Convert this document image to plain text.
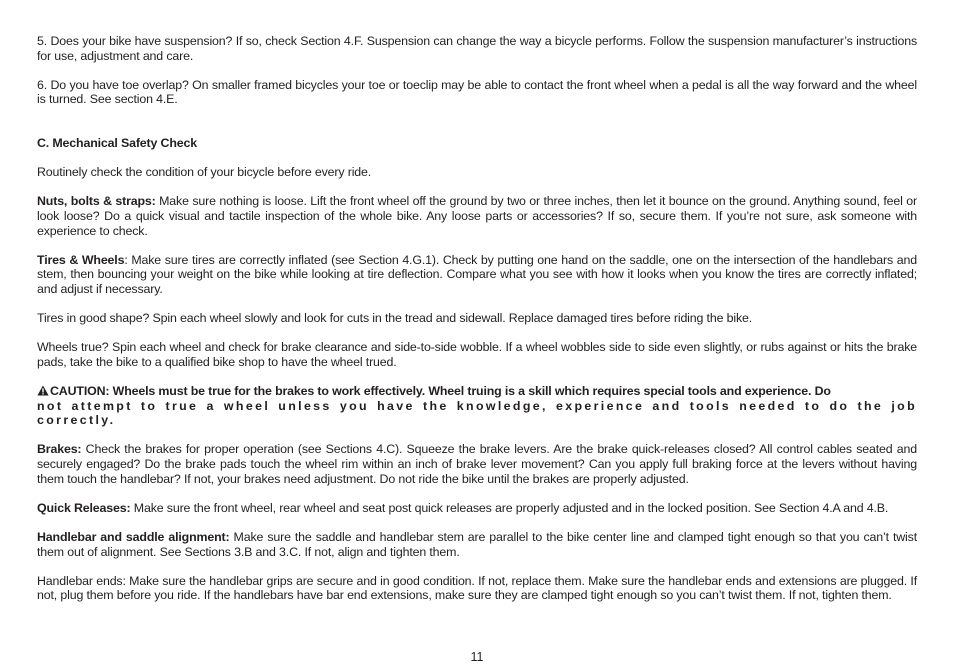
5. Does your bike have suspension? If so, check Section 4.F. Suspension can change the way a bicycle performs. Follow the suspension manufacturer’s instructions for use, adjustment and care.

6. Do you have toe overlap? On smaller framed bicycles your toe or toeclip may be able to contact the front wheel when a pedal is all the way forward and the wheel is turned. See section 4.E.

C. Mechanical Safety Check

Routinely check the condition of your bicycle before every ride.

Nuts, bolts & straps: Make sure nothing is loose. Lift the front wheel off the ground by two or three inches, then let it bounce on the ground. Anything sound, feel or look loose? Do a quick visual and tactile inspection of the whole bike. Any loose parts or accessories? If so, secure them. If you’re not sure, ask someone with experience to check.

Tires & Wheels: Make sure tires are correctly inflated (see Section 4.G.1). Check by putting one hand on the saddle, one on the intersection of the handlebars and stem, then bouncing your weight on the bike while looking at tire deflection. Compare what you see with how it looks when you know the tires are correctly inflated; and adjust if necessary.

Tires in good shape? Spin each wheel slowly and look for cuts in the tread and sidewall. Replace damaged tires before riding the bike.

Wheels true? Spin each wheel and check for brake clearance and side-to-side wobble. If a wheel wobbles side to side even slightly, or rubs against or hits the brake pads, take the bike to a qualified bike shop to have the wheel trued.

CAUTION: Wheels must be true for the brakes to work effectively. Wheel truing is a skill which requires special tools and experience. Do
not attempt to true a wheel unless you have the knowledge, experience and tools needed to do the job correctly.

Brakes: Check the brakes for proper operation (see Sections 4.C). Squeeze the brake levers. Are the brake quick-releases closed? All control cables seated and securely engaged? Do the brake pads touch the wheel rim within an inch of brake lever movement? Can you apply full braking force at the levers without having them touch the handlebar? If not, your brakes need adjustment. Do not ride the bike until the brakes are properly adjusted.

Quick Releases: Make sure the front wheel, rear wheel and seat post quick releases are properly adjusted and in the locked position. See Section 4.A and 4.B.

Handlebar and saddle alignment: Make sure the saddle and handlebar stem are parallel to the bike center line and clamped tight enough so that you can’t twist them out of alignment. See Sections 3.B and 3.C. If not, align and tighten them.

Handlebar ends: Make sure the handlebar grips are secure and in good condition. If not, replace them. Make sure the handlebar ends and extensions are plugged. If not, plug them before you ride. If the handlebars have bar end extensions, make sure they are clamped tight enough so you can’t twist them. If not, tighten them.

11
